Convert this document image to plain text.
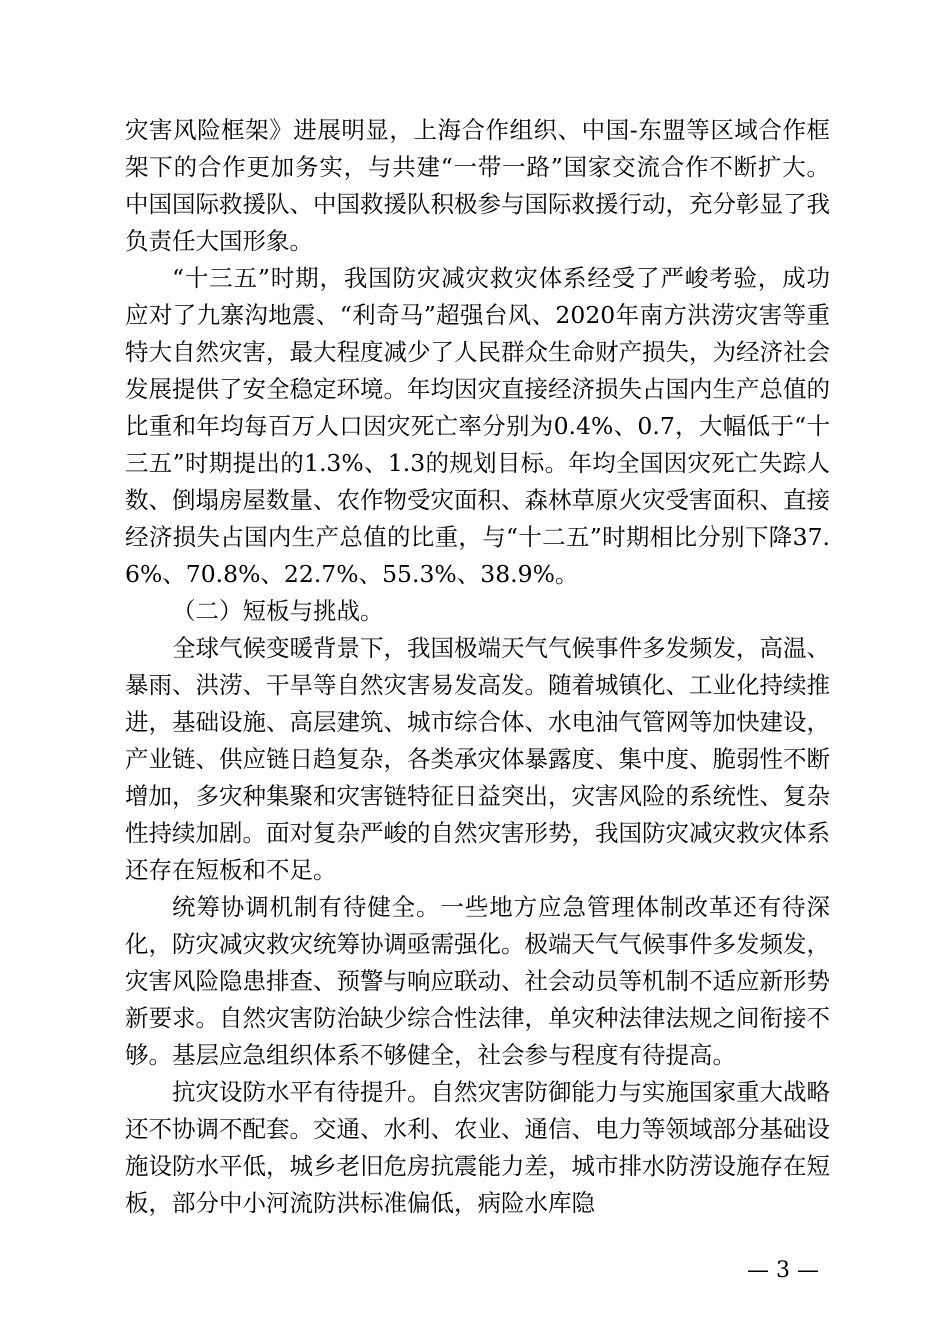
灾害风险框架》进展明显，上海合作组织、中国-东盟等区域合作框架下的合作更加务实，与共建“一带一路”国家交流合作不断扩大。中国国际救援队、中国救援队积极参与国际救援行动，充分彰显了我负责任大国形象。

“十三五”时期，我国防灾减灾救灾体系经受了严峻考验，成功应对了九寨沟地震、“利奇马”超强台风、2020年南方洪涝灾害等重特大自然灾害，最大程度减少了人民群众生命财产损失，为经济社会发展提供了安全稳定环境。年均因灾直接经济损失占国内生产总值的比重和年均每百万人口因灾死亡率分别为0.4%、0.7，大幅低于“十三五”时期提出的1.3%、1.3的规划目标。年均全国因灾死亡失踪人数、倒塌房屋数量、农作物受灾面积、森林草原火灾受害面积、直接经济损失占国内生产总值的比重，与“十二五”时期相比分别下降37.6%、70.8%、22.7%、55.3%、38.9%。

（二）短板与挑战。

全球气候变暖背景下，我国极端天气气候事件多发频发，高温、暴雨、洪涝、干旱等自然灾害易发高发。随着城镇化、工业化持续推进，基础设施、高层建筑、城市综合体、水电油气管网等加快建设，产业链、供应链日趋复杂，各类承灾体暴露度、集中度、脆弱性不断增加，多灾种集聚和灾害链特征日益突出，灾害风险的系统性、复杂性持续加剧。面对复杂严峻的自然灾害形势，我国防灾减灾救灾体系还存在短板和不足。

统筹协调机制有待健全。一些地方应急管理体制改革还有待深化，防灾减灾救灾统筹协调亟需强化。极端天气气候事件多发频发，灾害风险隐患排查、预警与响应联动、社会动员等机制不适应新形势新要求。自然灾害防治缺少综合性法律，单灾种法律法规之间衔接不够。基层应急组织体系不够健全，社会参与程度有待提高。

抗灾设防水平有待提升。自然灾害防御能力与实施国家重大战略还不协调不配套。交通、水利、农业、通信、电力等领域部分基础设施设防水平低，城乡老旧危房抗震能力差，城市排水防涝设施存在短板，部分中小河流防洪标准偏低，病险水库隐

— 3 —
